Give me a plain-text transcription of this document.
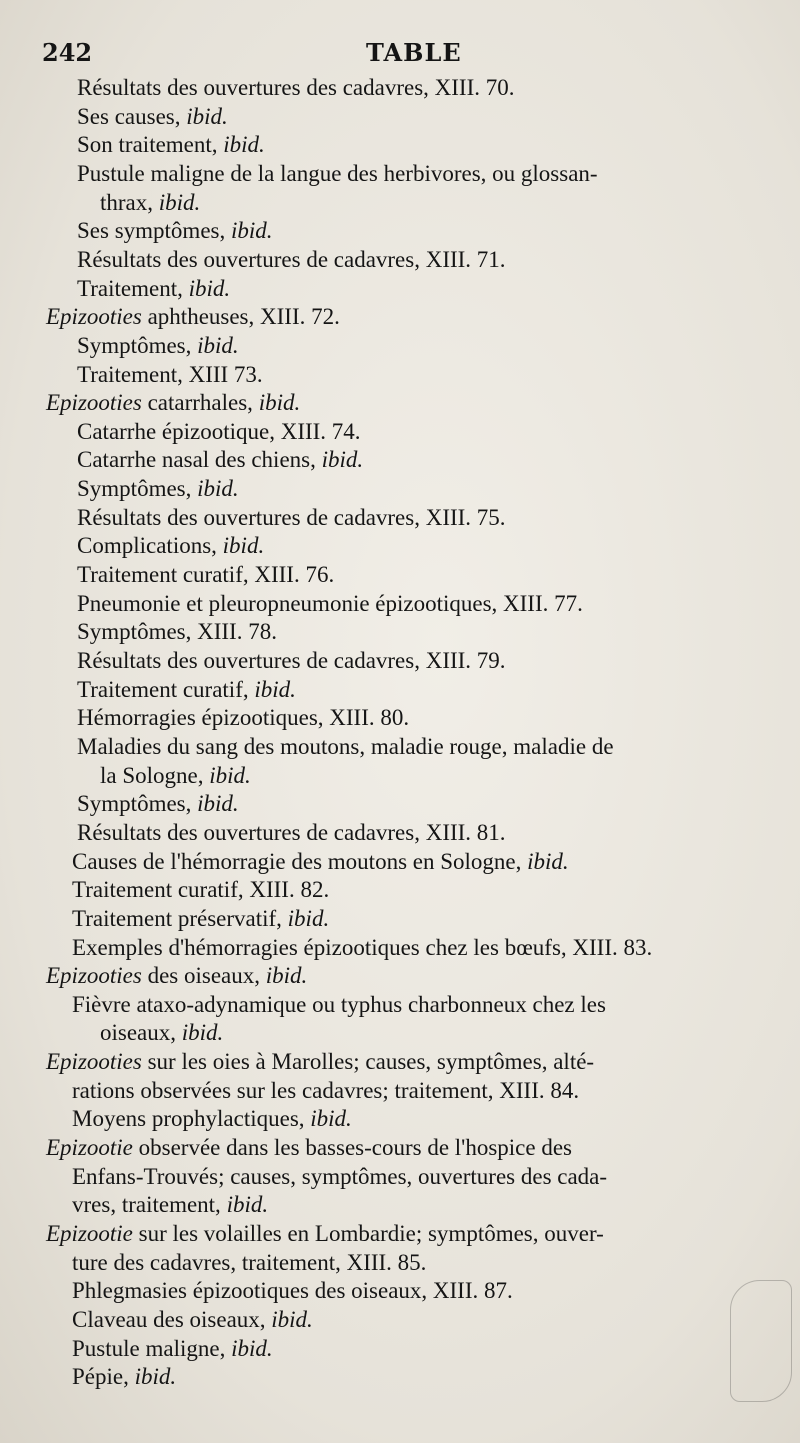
242	TABLE
Résultats des ouvertures des cadavres, XIII. 70.
Ses causes, ibid.
Son traitement, ibid.
Pustule maligne de la langue des herbivores, ou glossan-
thrax, ibid.
Ses symptômes, ibid.
Résultats des ouvertures de cadavres, XIII. 71.
Traitement, ibid.
Epizooties aphtheuses, XIII. 72.
Symptômes, ibid.
Traitement, XIII 73.
Epizooties catarrhales, ibid.
Catarrhe épizootique, XIII. 74.
Catarrhe nasal des chiens, ibid.
Symptômes, ibid.
Résultats des ouvertures de cadavres, XIII. 75.
Complications, ibid.
Traitement curatif, XIII. 76.
Pneumonie et pleuropneumonie épizootiques, XIII. 77.
Symptômes, XIII. 78.
Résultats des ouvertures de cadavres, XIII. 79.
Traitement curatif, ibid.
Hémorragies épizootiques, XIII. 80.
Maladies du sang des moutons, maladie rouge, maladie de
la Sologne, ibid.
Symptômes, ibid.
Résultats des ouvertures de cadavres, XIII. 81.
Causes de l'hémorragie des moutons en Sologne, ibid.
Traitement curatif, XIII. 82.
Traitement préservatif, ibid.
Exemples d'hémorragies épizootiques chez les bœufs, XIII. 83.
Epizooties des oiseaux, ibid.
Fièvre ataxo-adynamique ou typhus charbonneux chez les
oiseaux, ibid.
Epizooties sur les oies à Marolles; causes, symptômes, alté-
rations observées sur les cadavres; traitement, XIII. 84.
Moyens prophylactiques, ibid.
Epizootie observée dans les basses-cours de l'hospice des
Enfans-Trouvés; causes, symptômes, ouvertures des cada-
vres, traitement, ibid.
Epizootie sur les volailles en Lombardie; symptômes, ouver-
ture des cadavres, traitement, XIII. 85.
Phlegmasies épizootiques des oiseaux, XIII. 87.
Claveau des oiseaux, ibid.
Pustule maligne, ibid.
Pépie, ibid.
